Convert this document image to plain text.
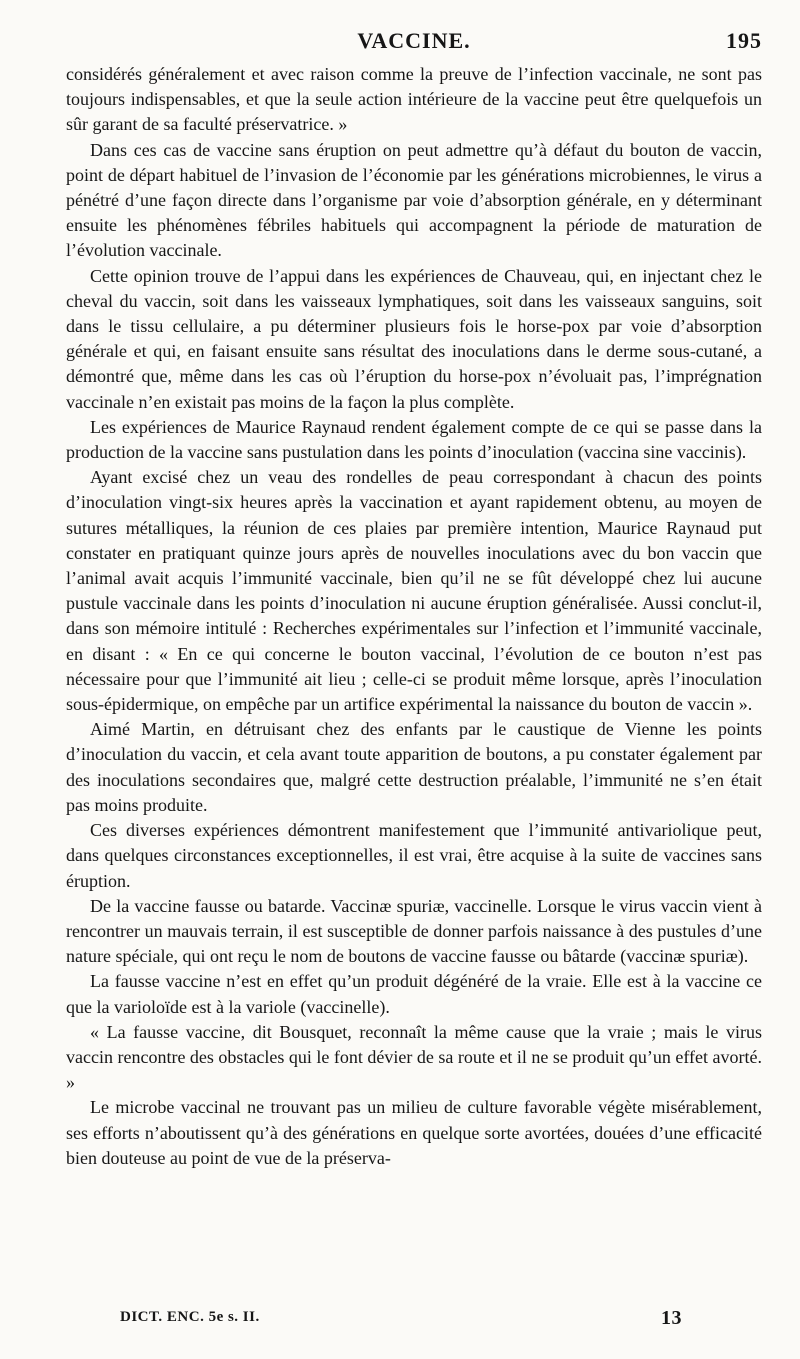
VACCINE.	195

considérés généralement et avec raison comme la preuve de l’infection vaccinale, ne sont pas toujours indispensables, et que la seule action intérieure de la vaccine peut être quelquefois un sûr garant de sa faculté préservatrice. »

Dans ces cas de vaccine sans éruption on peut admettre qu’à défaut du bouton de vaccin, point de départ habituel de l’invasion de l’économie par les générations microbiennes, le virus a pénétré d’une façon directe dans l’organisme par voie d’absorption générale, en y déterminant ensuite les phénomènes fébriles habituels qui accompagnent la période de maturation de l’évolution vaccinale.

Cette opinion trouve de l’appui dans les expériences de Chauveau, qui, en injectant chez le cheval du vaccin, soit dans les vaisseaux lymphatiques, soit dans les vaisseaux sanguins, soit dans le tissu cellulaire, a pu déterminer plusieurs fois le horse-pox par voie d’absorption générale et qui, en faisant ensuite sans résultat des inoculations dans le derme sous-cutané, a démontré que, même dans les cas où l’éruption du horse-pox n’évoluait pas, l’imprégnation vaccinale n’en existait pas moins de la façon la plus complète.

Les expériences de Maurice Raynaud rendent également compte de ce qui se passe dans la production de la vaccine sans pustulation dans les points d’inoculation (vaccina sine vaccinis).

Ayant excisé chez un veau des rondelles de peau correspondant à chacun des points d’inoculation vingt-six heures après la vaccination et ayant rapidement obtenu, au moyen de sutures métalliques, la réunion de ces plaies par première intention, Maurice Raynaud put constater en pratiquant quinze jours après de nouvelles inoculations avec du bon vaccin que l’animal avait acquis l’immunité vaccinale, bien qu’il ne se fût développé chez lui aucune pustule vaccinale dans les points d’inoculation ni aucune éruption généralisée. Aussi conclut-il, dans son mémoire intitulé : Recherches expérimentales sur l’infection et l’immunité vaccinale, en disant : « En ce qui concerne le bouton vaccinal, l’évolution de ce bouton n’est pas nécessaire pour que l’immunité ait lieu ; celle-ci se produit même lorsque, après l’inoculation sous-épidermique, on empêche par un artifice expérimental la naissance du bouton de vaccin ».

Aimé Martin, en détruisant chez des enfants par le caustique de Vienne les points d’inoculation du vaccin, et cela avant toute apparition de boutons, a pu constater également par des inoculations secondaires que, malgré cette destruction préalable, l’immunité ne s’en était pas moins produite.

Ces diverses expériences démontrent manifestement que l’immunité antivariolique peut, dans quelques circonstances exceptionnelles, il est vrai, être acquise à la suite de vaccines sans éruption.

De la vaccine fausse ou batarde. Vaccinæ spuriæ, vaccinelle. Lorsque le virus vaccin vient à rencontrer un mauvais terrain, il est susceptible de donner parfois naissance à des pustules d’une nature spéciale, qui ont reçu le nom de boutons de vaccine fausse ou bâtarde (vaccinæ spuriæ).

La fausse vaccine n’est en effet qu’un produit dégénéré de la vraie. Elle est à la vaccine ce que la varioloïde est à la variole (vaccinelle).

« La fausse vaccine, dit Bousquet, reconnaît la même cause que la vraie ; mais le virus vaccin rencontre des obstacles qui le font dévier de sa route et il ne se produit qu’un effet avorté. »

Le microbe vaccinal ne trouvant pas un milieu de culture favorable végète misérablement, ses efforts n’aboutissent qu’à des générations en quelque sorte avortées, douées d’une efficacité bien douteuse au point de vue de la préserva-

DICT. ENC. 5e s. II.	13
